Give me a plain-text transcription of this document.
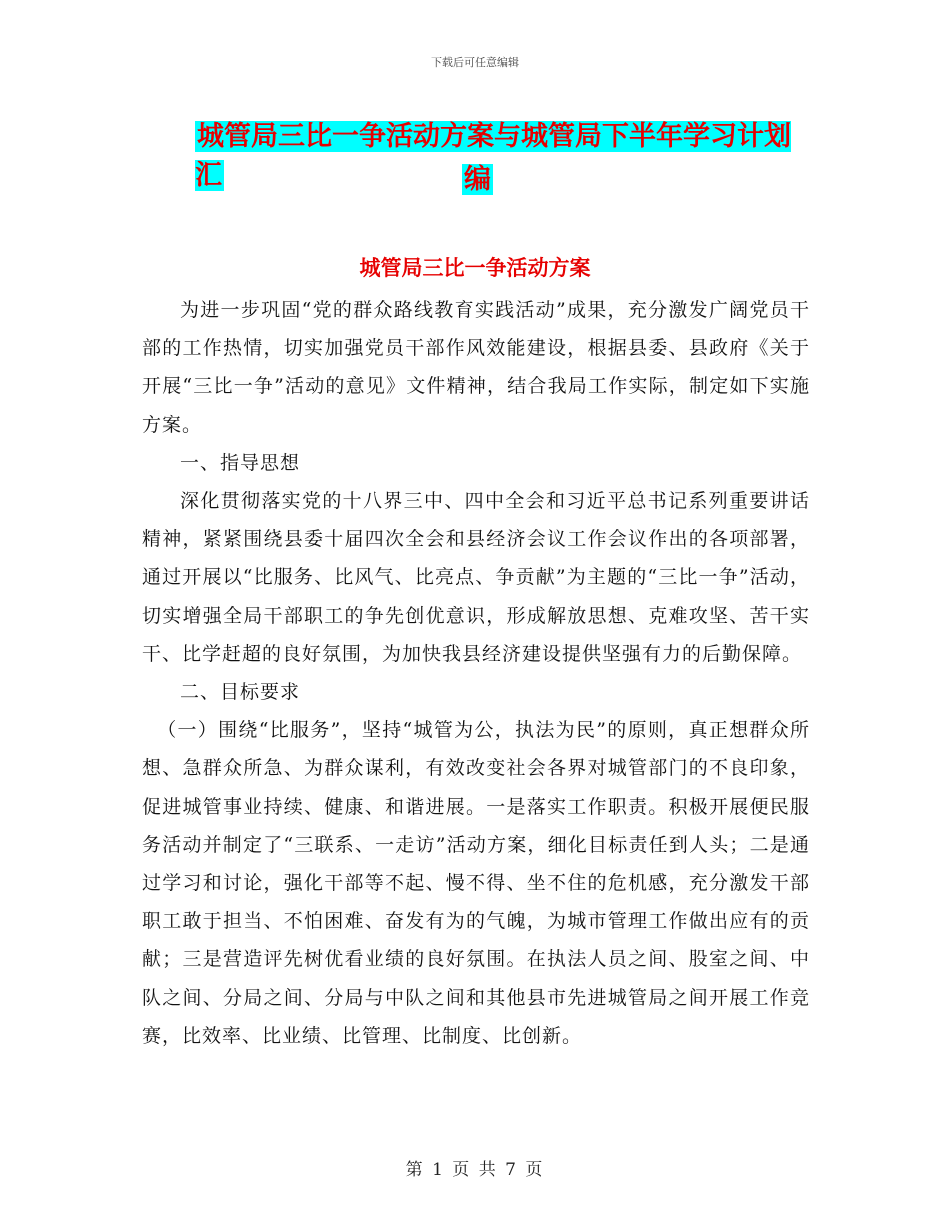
下载后可任意编辑
城管局三比一争活动方案与城管局下半年学习计划汇	编
城管局三比一争活动方案

为进一步巩固“党的群众路线教育实践活动”成果，充分激发广阔党员干部的工作热情，切实加强党员干部作风效能建设，根据县委、县政府《关于开展“三比一争”活动的意见》文件精神，结合我局工作实际，制定如下实施方案。

一、指导思想

深化贯彻落实党的十八界三中、四中全会和习近平总书记系列重要讲话精神，紧紧围绕县委十届四次全会和县经济会议工作会议作出的各项部署，通过开展以“比服务、比风气、比亮点、争贡献”为主题的“三比一争”活动，切实增强全局干部职工的争先创优意识，形成解放思想、克难攻坚、苦干实干、比学赶超的良好氛围，为加快我县经济建设提供坚强有力的后勤保障。

二、目标要求

（一）围绕“比服务”，坚持“城管为公，执法为民”的原则，真正想群众所想、急群众所急、为群众谋利，有效改变社会各界对城管部门的不良印象，促进城管事业持续、健康、和谐进展。一是落实工作职责。积极开展便民服务活动并制定了“三联系、一走访”活动方案，细化目标责任到人头；二是通过学习和讨论，强化干部等不起、慢不得、坐不住的危机感，充分激发干部职工敢于担当、不怕困难、奋发有为的气魄，为城市管理工作做出应有的贡献；三是营造评先树优看业绩的良好氛围。在执法人员之间、股室之间、中队之间、分局之间、分局与中队之间和其他县市先进城管局之间开展工作竞赛，比效率、比业绩、比管理、比制度、比创新。

第 1 页 共 7 页
